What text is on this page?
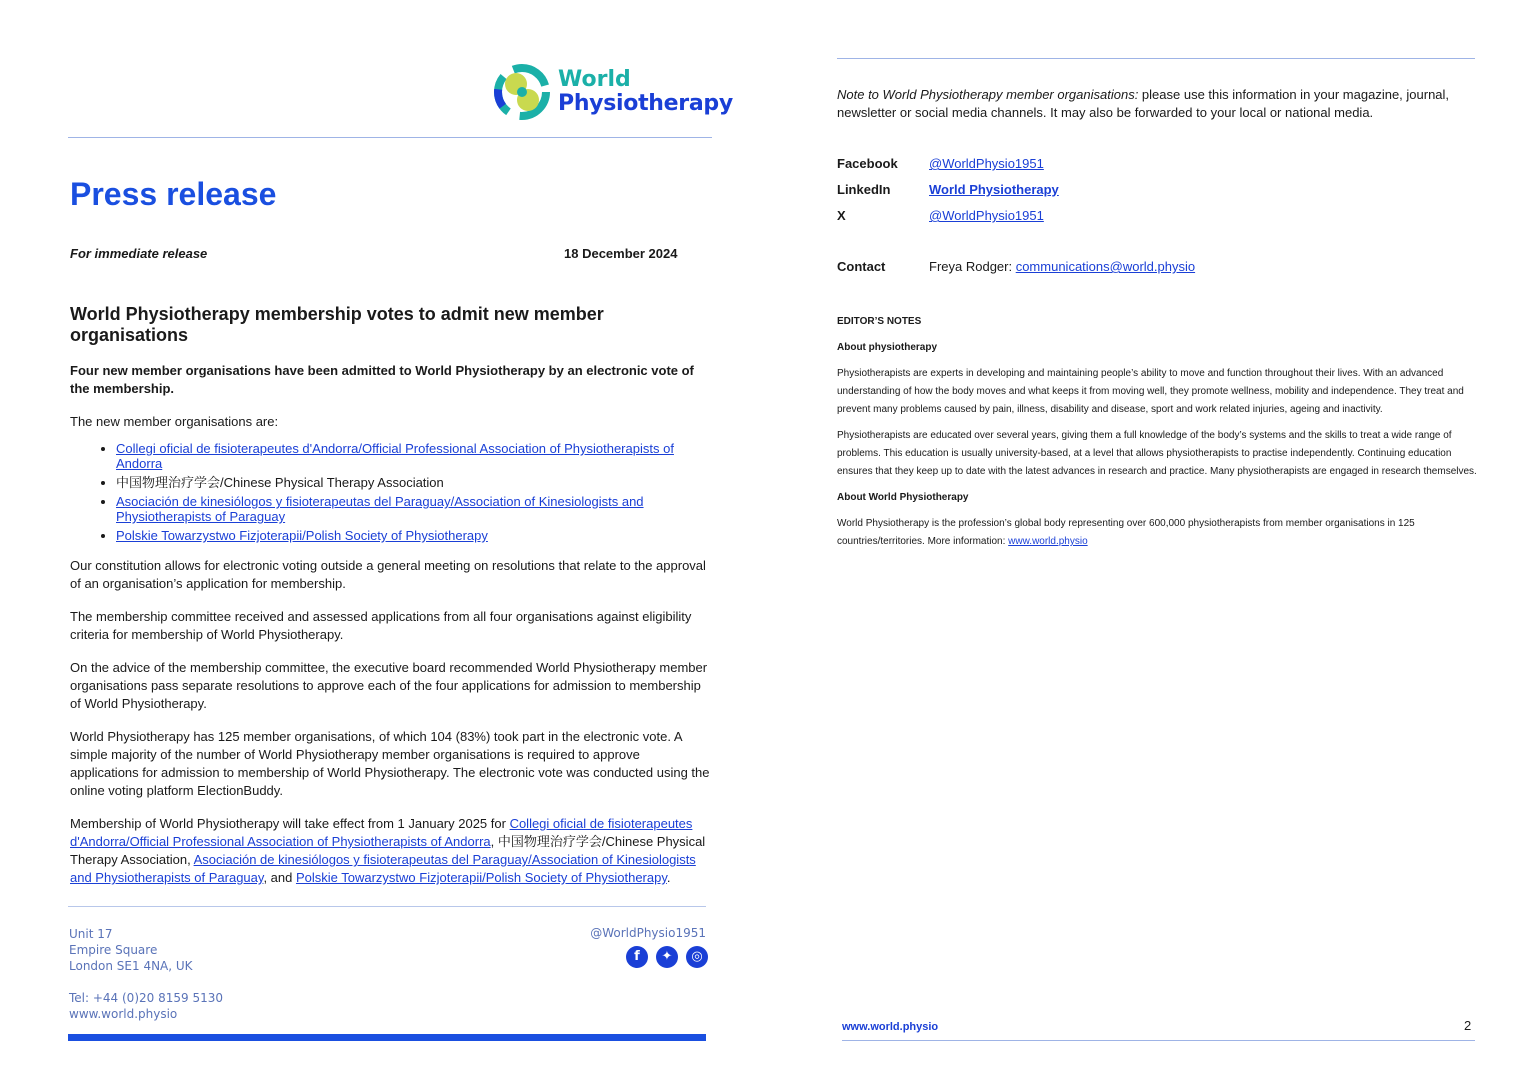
World
Physiotherapy
Press release
For immediate release	18 December 2024
World Physiotherapy membership votes to admit new member organisations

Four new member organisations have been admitted to World Physiotherapy by an electronic vote of the membership.

The new member organisations are:

• Collegi oficial de fisioterapeutes d'Andorra/Official Professional Association of Physiotherapists of Andorra
• 中国物理治疗学会/Chinese Physical Therapy Association
• Asociación de kinesiólogos y fisioterapeutas del Paraguay/Association of Kinesiologists and Physiotherapists of Paraguay
• Polskie Towarzystwo Fizjoterapii/Polish Society of Physiotherapy

Our constitution allows for electronic voting outside a general meeting on resolutions that relate to the approval of an organisation’s application for membership.

The membership committee received and assessed applications from all four organisations against eligibility criteria for membership of World Physiotherapy.

On the advice of the membership committee, the executive board recommended World Physiotherapy member organisations pass separate resolutions to approve each of the four applications for admission to membership of World Physiotherapy.

World Physiotherapy has 125 member organisations, of which 104 (83%) took part in the electronic vote. A simple majority of the number of World Physiotherapy member organisations is required to approve applications for admission to membership of World Physiotherapy. The electronic vote was conducted using the online voting platform ElectionBuddy.

Membership of World Physiotherapy will take effect from 1 January 2025 for Collegi oficial de fisioterapeutes d'Andorra/Official Professional Association of Physiotherapists of Andorra, 中国物理治疗学会/Chinese Physical Therapy Association, Asociación de kinesiólogos y fisioterapeutas del Paraguay/Association of Kinesiologists and Physiotherapists of Paraguay, and Polskie Towarzystwo Fizjoterapii/Polish Society of Physiotherapy.

Unit 17
Empire Square
London SE1 4NA, UK
Tel: +44 (0)20 8159 5130
www.world.physio
@WorldPhysio1951
f	✦	◎
Note to World Physiotherapy member organisations: please use this information in your magazine, journal, newsletter or social media channels. It may also be forwarded to your local or national media.
Facebook @WorldPhysio1951
LinkedIn	World Physiotherapy
X	@WorldPhysio1951
Contact	Freya Rodger: communications@world.physio
EDITOR’S NOTES
About physiotherapy

Physiotherapists are experts in developing and maintaining people’s ability to move and function throughout their lives. With an advanced understanding of how the body moves and what keeps it from moving well, they promote wellness, mobility and independence. They treat and prevent many problems caused by pain, illness, disability and disease, sport and work related injuries, ageing and inactivity.

Physiotherapists are educated over several years, giving them a full knowledge of the body’s systems and the skills to treat a wide range of problems. This education is usually university-based, at a level that allows physiotherapists to practise independently. Continuing education ensures that they keep up to date with the latest advances in research and practice. Many physiotherapists are engaged in research themselves.

About World Physiotherapy

World Physiotherapy is the profession’s global body representing over 600,000 physiotherapists from member organisations in 125 countries/territories. More information: www.world.physio

www.world.physio	2
